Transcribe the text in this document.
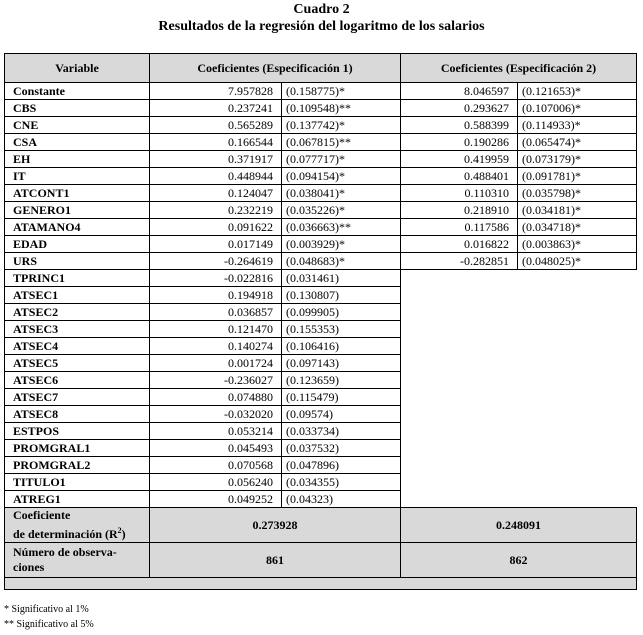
Cuadro 2
Resultados de la regresión del logaritmo de los salarios
Variable	Coeficientes (Especificación 1)		Coeficientes (Especificación 2)	
Constante	7.957828	(0.158775)*	8.046597	(0.121653)*
CBS	0.237241	(0.109548)**	0.293627	(0.107006)*
CNE	0.565289	(0.137742)*	0.588399	(0.114933)*
CSA	0.166544	(0.067815)**	0.190286	(0.065474)*
EH	0.371917	(0.077717)*	0.419959	(0.073179)*
IT	0.448944	(0.094154)*	0.488401	(0.091781)*
ATCONT1	0.124047	(0.038041)*	0.110310	(0.035798)*
GENERO1	0.232219	(0.035226)*	0.218910	(0.034181)*
ATAMANO4	0.091622	(0.036663)**	0.117586	(0.034718)*
EDAD	0.017149	(0.003929)*	0.016822	(0.003863)*
URS	-0.264619	(0.048683)*	-0.282851	(0.048025)*
TPRINC1	-0.022816	(0.031461)		
ATSEC1	0.194918	(0.130807)		
ATSEC2	0.036857	(0.099905)		
ATSEC3	0.121470	(0.155353)		
ATSEC4	0.140274	(0.106416)		
ATSEC5	0.001724	(0.097143)		
ATSEC6	-0.236027	(0.123659)		
ATSEC7	0.074880	(0.115479)		
ATSEC8	-0.032020	(0.09574)		
ESTPOS	0.053214	(0.033734)		
PROMGRAL1	0.045493	(0.037532)		
PROMGRAL2	0.070568	(0.047896)		
TITULO1	0.056240	(0.034355)		
ATREG1	0.049252	(0.04323)		
Coeficiente
de determinación $(R^2)$	0.273928		0.248091	
Número de observa-
ciones	861		862	

* Significativo al 1%
** Significativo al 5%
